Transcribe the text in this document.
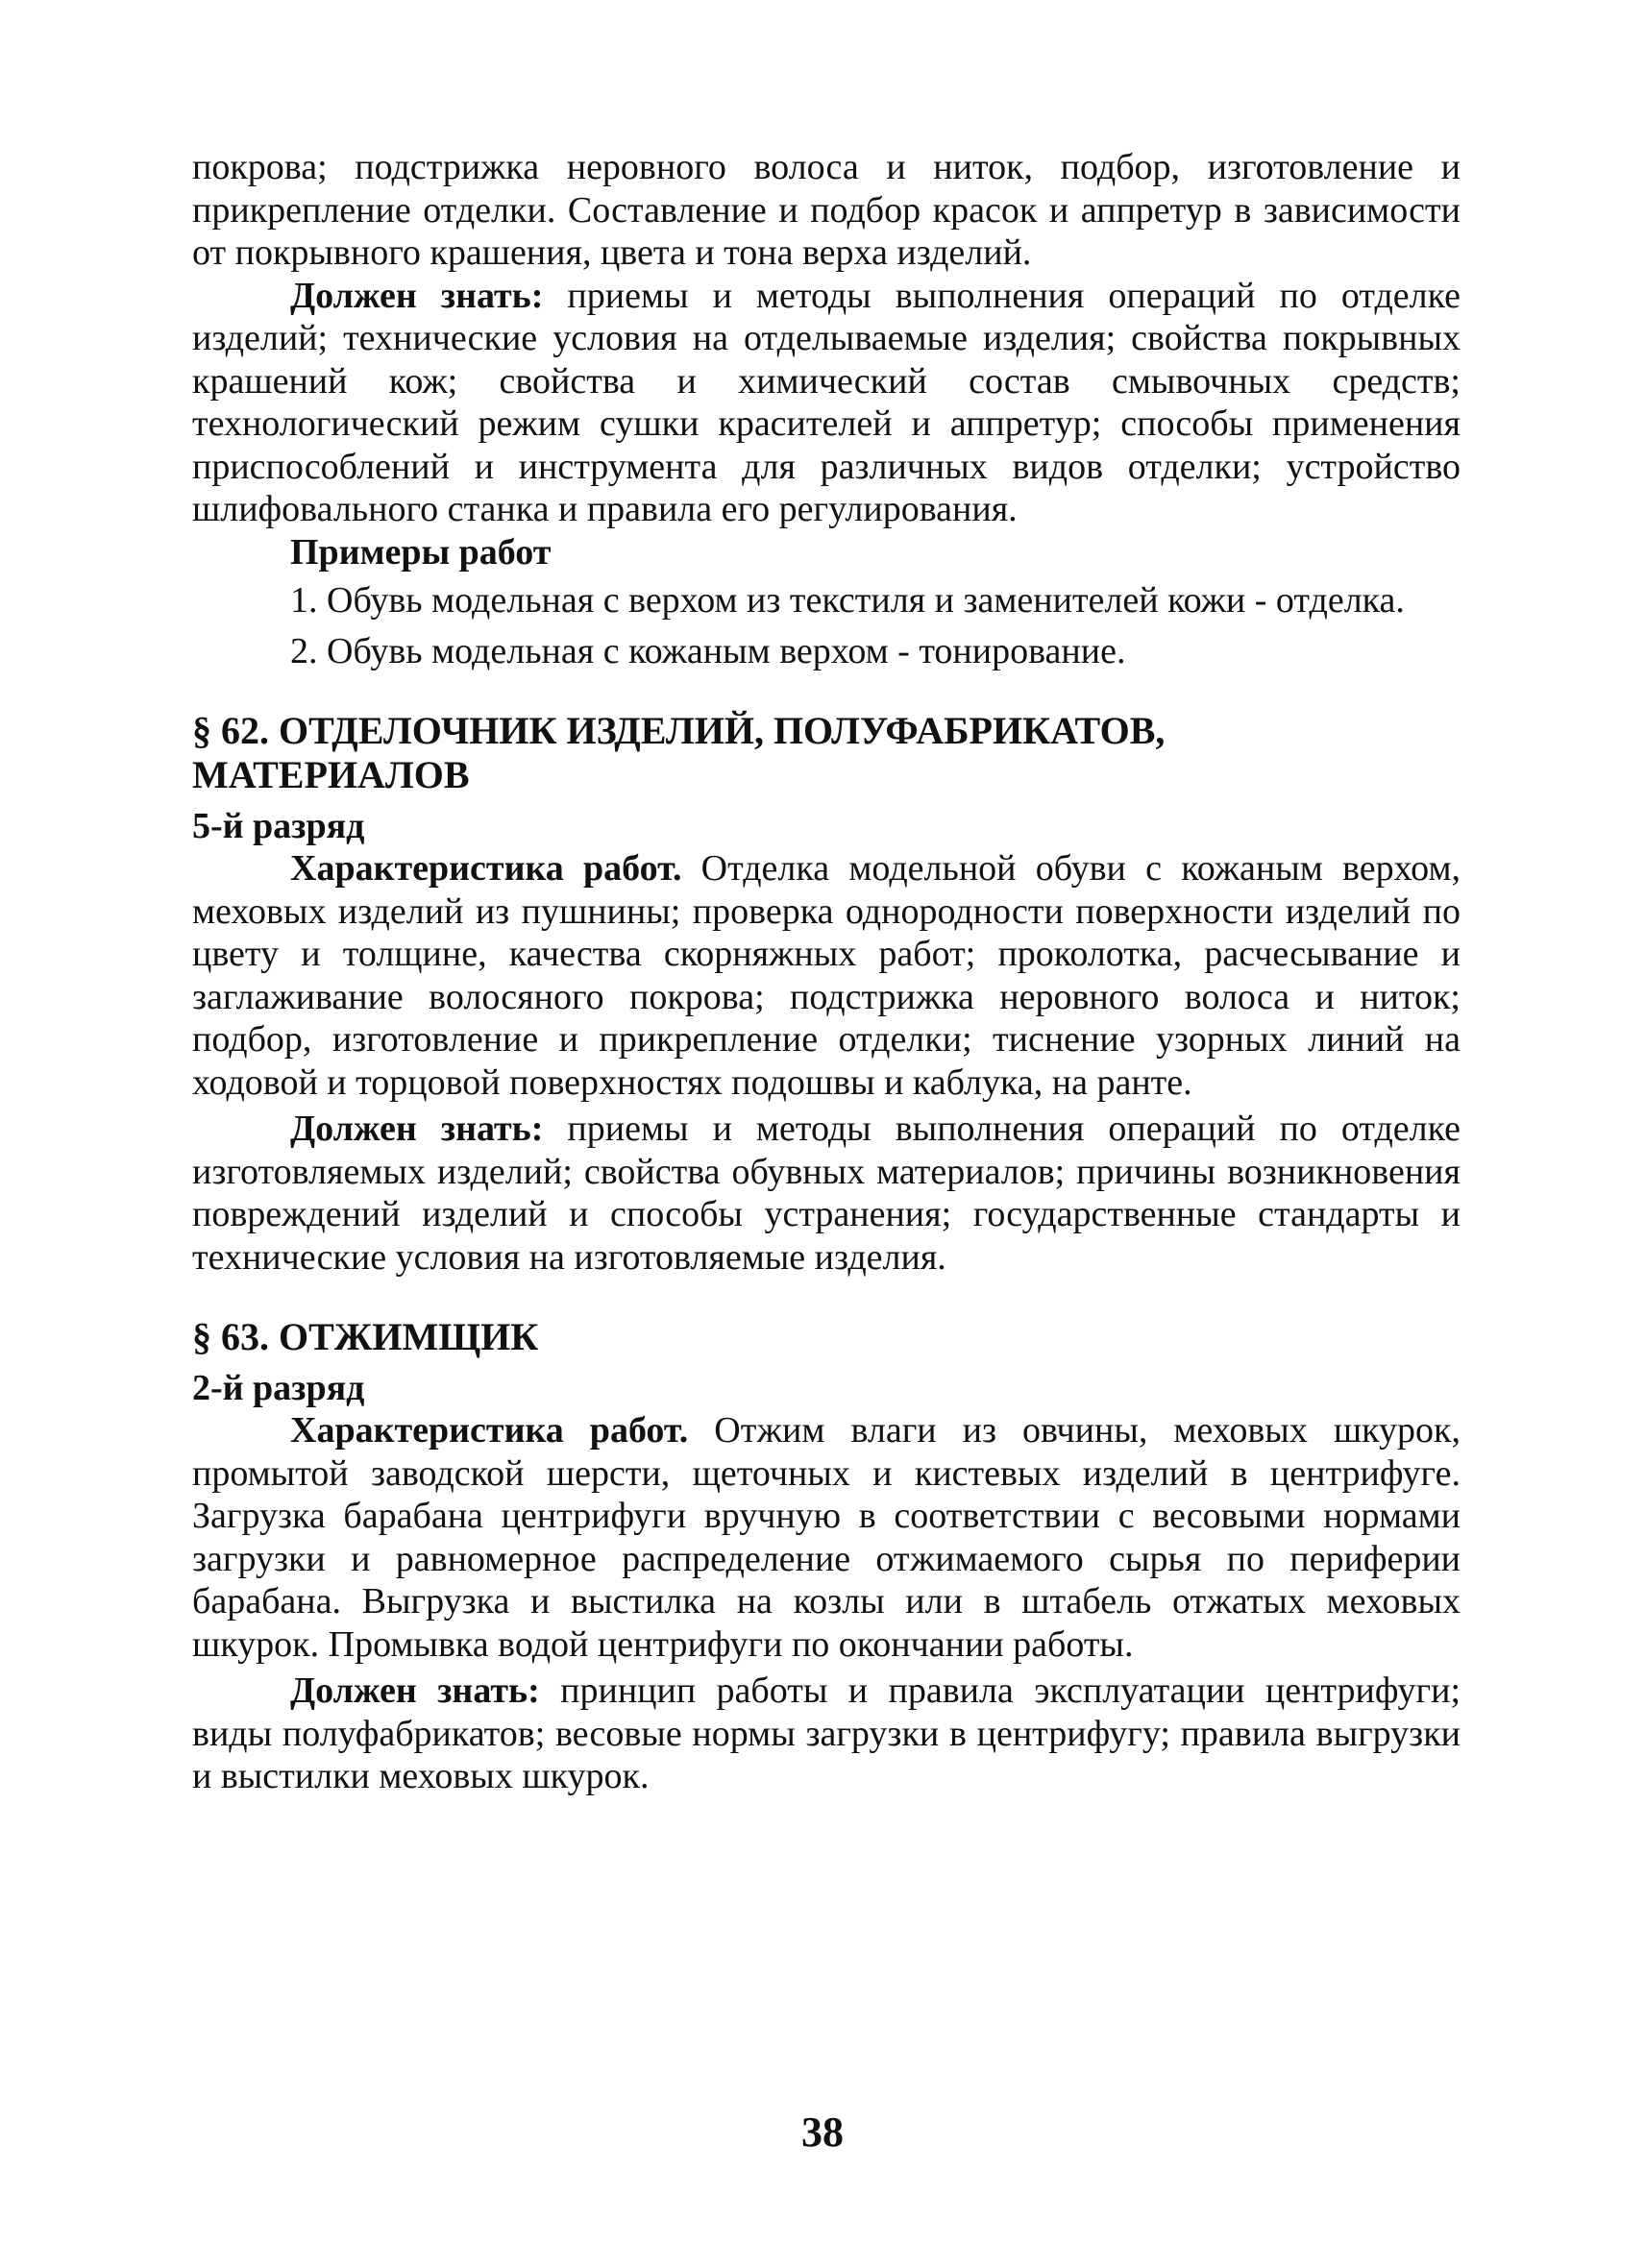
покрова; подстрижка неровного волоса и ниток, подбор, изготовление и прикрепление отделки. Составление и подбор красок и аппретур в зависимости от покрывного крашения, цвета и тона верха изделий.

Должен знать: приемы и методы выполнения операций по отделке изделий; технические условия на отделываемые изделия; свойства покрывных крашений кож; свойства и химический состав смывочных средств; технологический режим сушки красителей и аппретур; способы применения приспособлений и инструмента для различных видов отделки; устройство шлифовального станка и правила его регулирования.

Примеры работ

1. Обувь модельная с верхом из текстиля и заменителей кожи - отделка.

2. Обувь модельная с кожаным верхом - тонирование.

§ 62. ОТДЕЛОЧНИК ИЗДЕЛИЙ, ПОЛУФАБРИКАТОВ,

МАТЕРИАЛОВ

5-й разряд

Характеристика работ. Отделка модельной обуви с кожаным верхом, меховых изделий из пушнины; проверка однородности поверхности изделий по цвету и толщине, качества скорняжных работ; проколотка, расчесывание и заглаживание волосяного покрова; подстрижка неровного волоса и ниток; подбор, изготовление и прикрепление отделки; тиснение узорных линий на ходовой и торцовой поверхностях подошвы и каблука, на ранте.

Должен знать: приемы и методы выполнения операций по отделке изготовляемых изделий; свойства обувных материалов; причины возникновения повреждений изделий и способы устранения; государственные стандарты и технические условия на изготовляемые изделия.

§ 63. ОТЖИМЩИК

2-й разряд

Характеристика работ. Отжим влаги из овчины, меховых шкурок, промытой заводской шерсти, щеточных и кистевых изделий в центрифуге. Загрузка барабана центрифуги вручную в соответствии с весовыми нормами загрузки и равномерное распределение отжимаемого сырья по периферии барабана. Выгрузка и выстилка на козлы или в штабель отжатых меховых шкурок. Промывка водой центрифуги по окончании работы.

Должен знать: принцип работы и правила эксплуатации центрифуги; виды полуфабрикатов; весовые нормы загрузки в центрифугу; правила выгрузки и выстилки меховых шкурок.

38
